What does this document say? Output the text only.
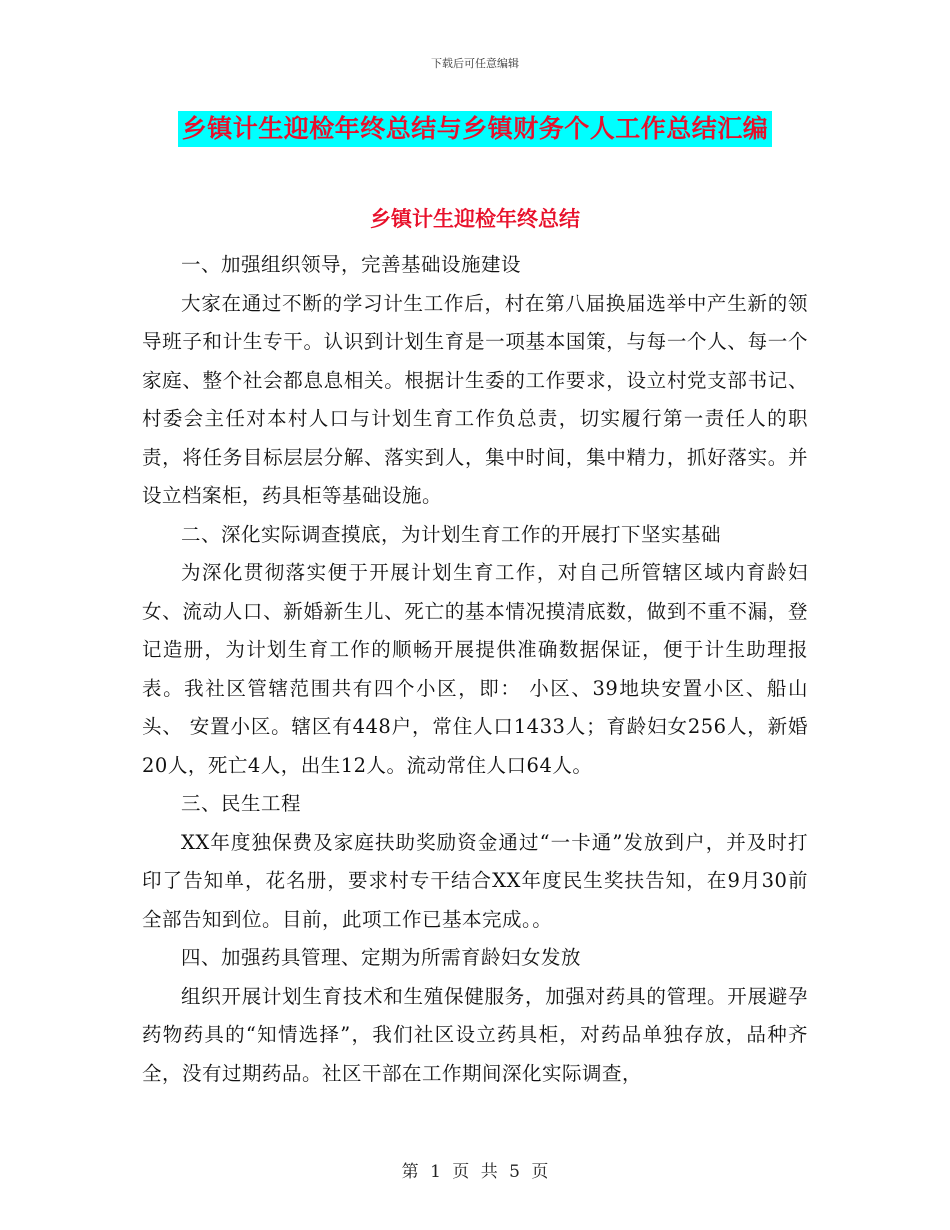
下载后可任意编辑
乡镇计生迎检年终总结与乡镇财务个人工作总结汇编
乡镇计生迎检年终总结

一、加强组织领导，完善基础设施建设

大家在通过不断的学习计生工作后，村在第八届换届选举中产生新的领导班子和计生专干。认识到计划生育是一项基本国策，与每一个人、每一个家庭、整个社会都息息相关。根据计生委的工作要求，设立村党支部书记、村委会主任对本村人口与计划生育工作负总责，切实履行第一责任人的职责，将任务目标层层分解、落实到人，集中时间，集中精力，抓好落实。并设立档案柜，药具柜等基础设施。

二、深化实际调查摸底，为计划生育工作的开展打下坚实基础

为深化贯彻落实便于开展计划生育工作，对自己所管辖区域内育龄妇女、流动人口、新婚新生儿、死亡的基本情况摸清底数，做到不重不漏，登记造册，为计划生育工作的顺畅开展提供准确数据保证，便于计生助理报表。我社区管辖范围共有四个小区，即： 小区、39地块安置小区、船山头、 安置小区。辖区有448户，常住人口1433人；育龄妇女256人，新婚20人，死亡4人，出生12人。流动常住人口64人。

三、民生工程

XX年度独保费及家庭扶助奖励资金通过“一卡通”发放到户，并及时打印了告知单，花名册，要求村专干结合XX年度民生奖扶告知，在9月30前全部告知到位。目前，此项工作已基本完成。。

四、加强药具管理、定期为所需育龄妇女发放

组织开展计划生育技术和生殖保健服务，加强对药具的管理。开展避孕药物药具的“知情选择”，我们社区设立药具柜，对药品单独存放，品种齐全，没有过期药品。社区干部在工作期间深化实际调查，

第 1 页 共 5 页
